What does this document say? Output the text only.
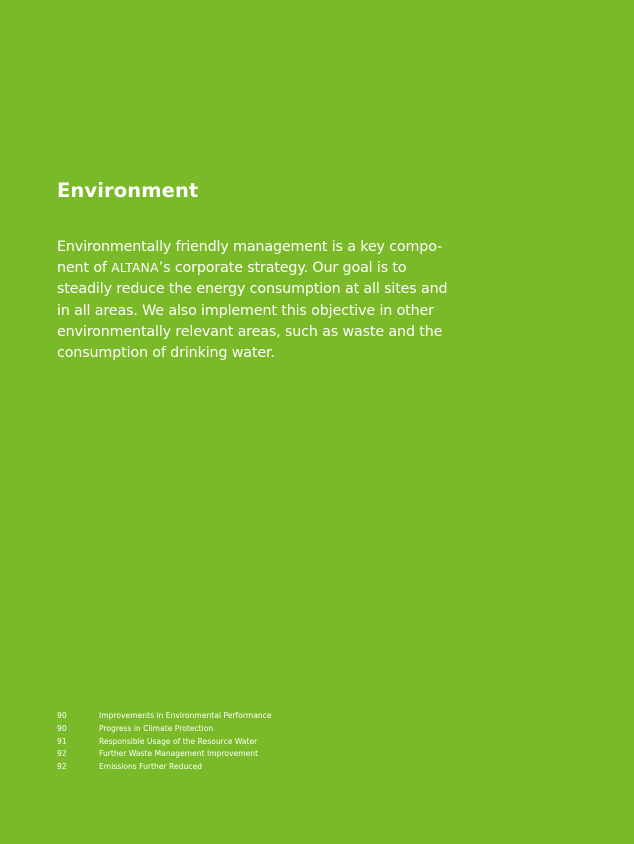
Environment

Environmentally friendly management is a key compo-
nent of ALTANA’s corporate strategy. Our goal is to
steadily reduce the energy consumption at all sites and
in all areas. We also implement this objective in other
environmentally relevant areas, such as waste and the
consumption of drinking water.

90	Improvements in Environmental Performance
90	Progress in Climate Protection
91	Responsible Usage of the Resource Water
92	Further Waste Management Improvement
92	Emissions Further Reduced
